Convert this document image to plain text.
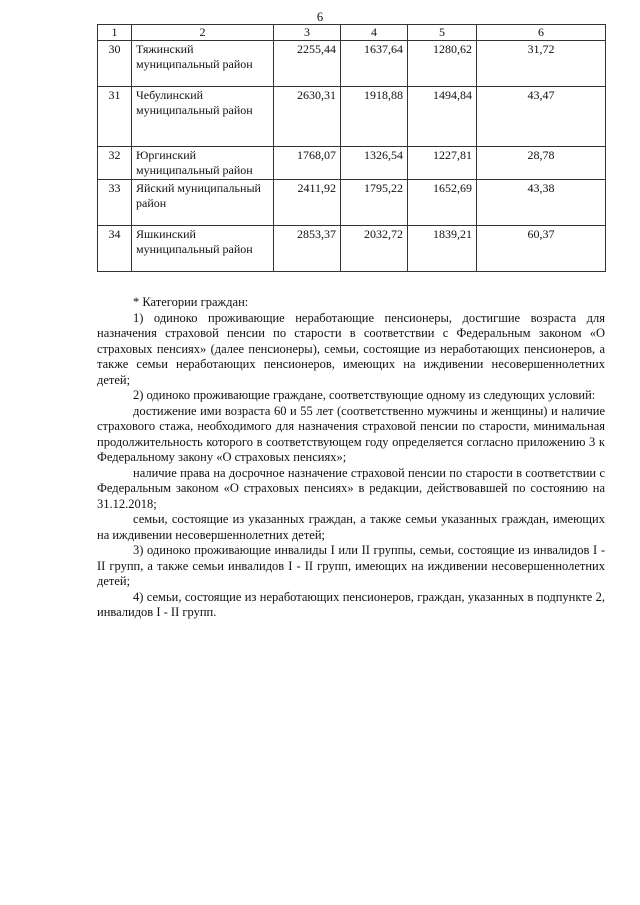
6
1	2	3	4	5	6
30	Тяжинский муниципальный район	2255,44	1637,64	1280,62	31,72
31	Чебулинский муниципальный район	2630,31	1918,88	1494,84	43,47
32	Юргинский муниципальный район	1768,07	1326,54	1227,81	28,78
33	Яйский муниципальный район	2411,92	1795,22	1652,69	43,38
34	Яшкинский муниципальный район	2853,37	2032,72	1839,21	60,37

* Категории граждан:

1) одиноко проживающие неработающие пенсионеры, достигшие возраста для назначения страховой пенсии по старости в соответствии с Федеральным законом «О страховых пенсиях» (далее пенсионеры), семьи, состоящие из неработающих пенсионеров, а также семьи неработающих пенсионеров, имеющих на иждивении несовершеннолетних детей;

2) одиноко проживающие граждане, соответствующие одному из следующих условий:

достижение ими возраста 60 и 55 лет (соответственно мужчины и женщины) и наличие страхового стажа, необходимого для назначения страховой пенсии по старости, минимальная продолжительность которого в соответствующем году определяется согласно приложению 3 к Федеральному закону «О страховых пенсиях»;

наличие права на досрочное назначение страховой пенсии по старости в соответствии с Федеральным законом «О страховых пенсиях» в редакции, действовавшей по состоянию на 31.12.2018;

семьи, состоящие из указанных граждан, а также семьи указанных граждан, имеющих на иждивении несовершеннолетних детей;

3) одиноко проживающие инвалиды I или II группы, семьи, состоящие из инвалидов I - II групп, а также семьи инвалидов I - II групп, имеющих на иждивении несовершеннолетних детей;

4) семьи, состоящие из неработающих пенсионеров, граждан, указанных в подпункте 2, инвалидов I - II групп.
